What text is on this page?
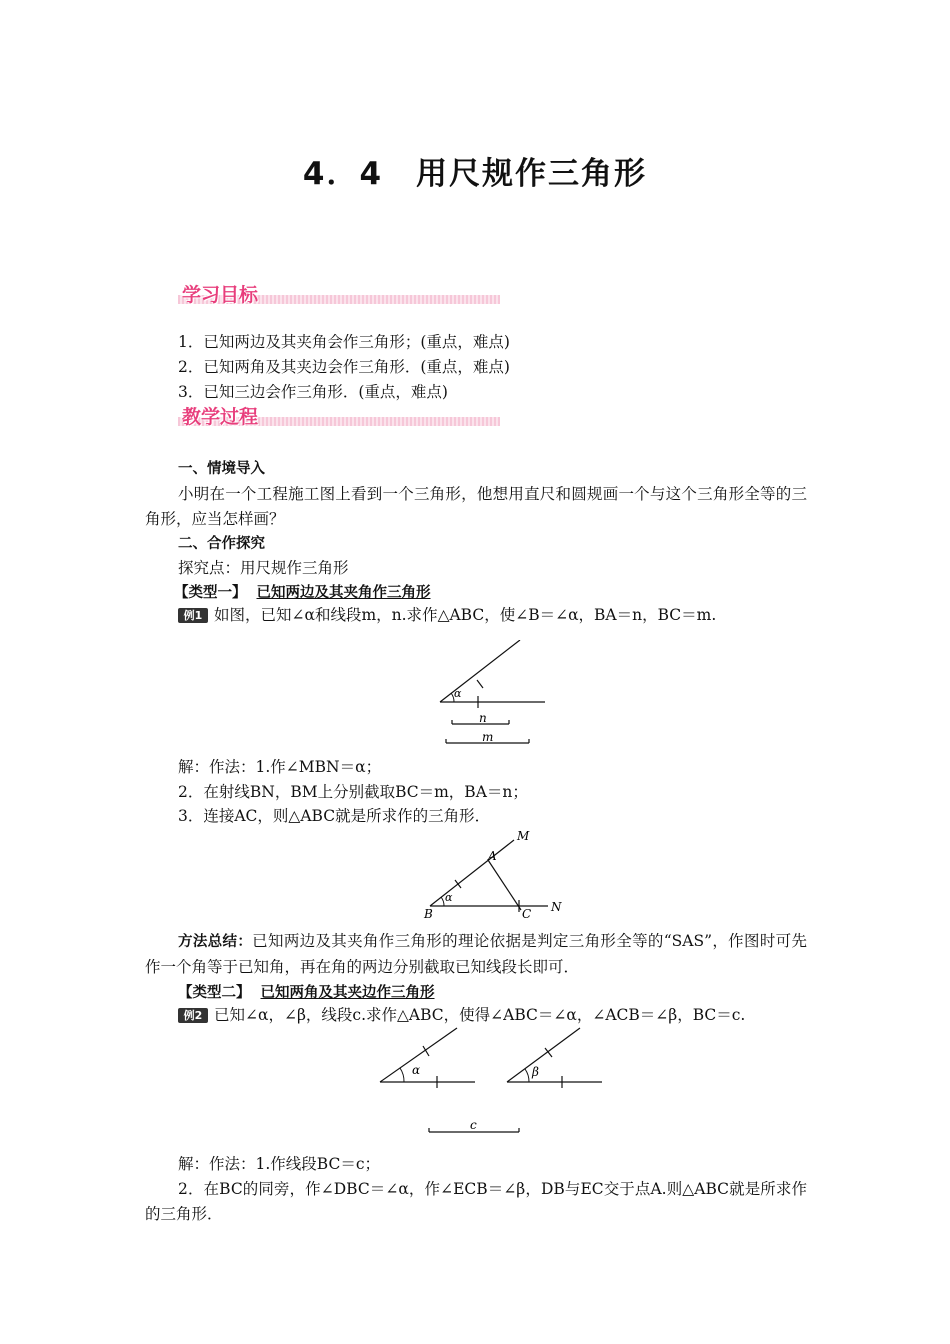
4．4　用尺规作三角形
学习目标
1．已知两边及其夹角会作三角形；(重点，难点)
2．已知两角及其夹边会作三角形．(重点，难点)
3．已知三边会作三角形．(重点，难点)
教学过程
一、情境导入
小明在一个工程施工图上看到一个三角形，他想用直尺和圆规画一个与这个三角形全等的三角形，应当怎样画？
二、合作探究
探究点：用尺规作三角形
【类型一】 已知两边及其夹角作三角形
例1 如图，已知∠α和线段m，n.求作△ABC，使∠B＝∠α，BA＝n，BC＝m.
α
n
m
解：作法：1.作∠MBN＝α；
2．在射线BN，BM上分别截取BC＝m，BA＝n；
3．连接AC，则△ABC就是所求作的三角形．
α
M
A
B	C N
方法总结：已知两边及其夹角作三角形的理论依据是判定三角形全等的“SAS”，作图时可先作一个角等于已知角，再在角的两边分别截取已知线段长即可．
【类型二】 已知两角及其夹边作三角形
例2 已知∠α，∠β，线段c.求作△ABC，使得∠ABC＝∠α，∠ACB＝∠β，BC＝c.
α	β
c
解：作法：1.作线段BC＝c；
2．在BC的同旁，作∠DBC＝∠α，作∠ECB＝∠β，DB与EC交于点A.则△ABC就是所求作的三角形．
